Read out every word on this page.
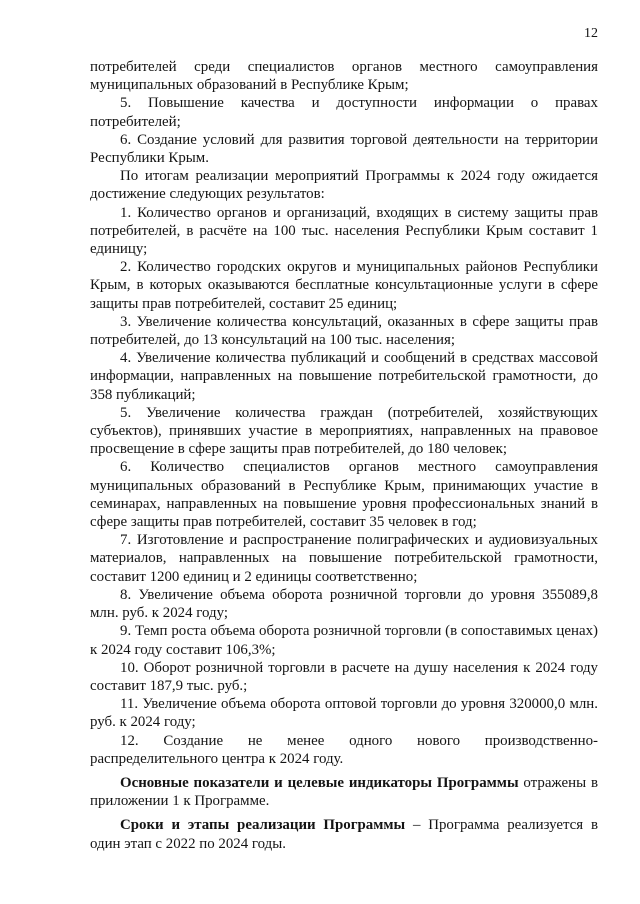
12

потребителей среди специалистов органов местного самоуправления муниципальных образований в Республике Крым;

5. Повышение качества и доступности информации о правах потребителей;

6. Создание условий для развития торговой деятельности на территории Республики Крым.

По итогам реализации мероприятий Программы к 2024 году ожидается достижение следующих результатов:

1. Количество органов и организаций, входящих в систему защиты прав потребителей, в расчёте на 100 тыс. населения Республики Крым составит 1 единицу;

2. Количество городских округов и муниципальных районов Республики Крым, в которых оказываются бесплатные консультационные услуги в сфере защиты прав потребителей, составит 25 единиц;

3. Увеличение количества консультаций, оказанных в сфере защиты прав потребителей, до 13 консультаций на 100 тыс. населения;

4. Увеличение количества публикаций и сообщений в средствах массовой информации, направленных на повышение потребительской грамотности, до 358 публикаций;

5. Увеличение количества граждан (потребителей, хозяйствующих субъектов), принявших участие в мероприятиях, направленных на правовое просвещение в сфере защиты прав потребителей, до 180 человек;

6. Количество специалистов органов местного самоуправления муниципальных образований в Республике Крым, принимающих участие в семинарах, направленных на повышение уровня профессиональных знаний в сфере защиты прав потребителей, составит 35 человек в год;

7. Изготовление и распространение полиграфических и аудиовизуальных материалов, направленных на повышение потребительской грамотности, составит 1200 единиц и 2 единицы соответственно;

8. Увеличение объема оборота розничной торговли до уровня 355089,8 млн. руб. к 2024 году;

9. Темп роста объема оборота розничной торговли (в сопоставимых ценах) к 2024 году составит 106,3%;

10. Оборот розничной торговли в расчете на душу населения к 2024 году составит 187,9 тыс. руб.;

11. Увеличение объема оборота оптовой торговли до уровня 320000,0 млн. руб. к 2024 году;

12. Создание не менее одного нового производственно-распределительного центра к 2024 году.

Основные показатели и целевые индикаторы Программы отражены в приложении 1 к Программе.

Сроки и этапы реализации Программы – Программа реализуется в один этап с 2022 по 2024 годы.
